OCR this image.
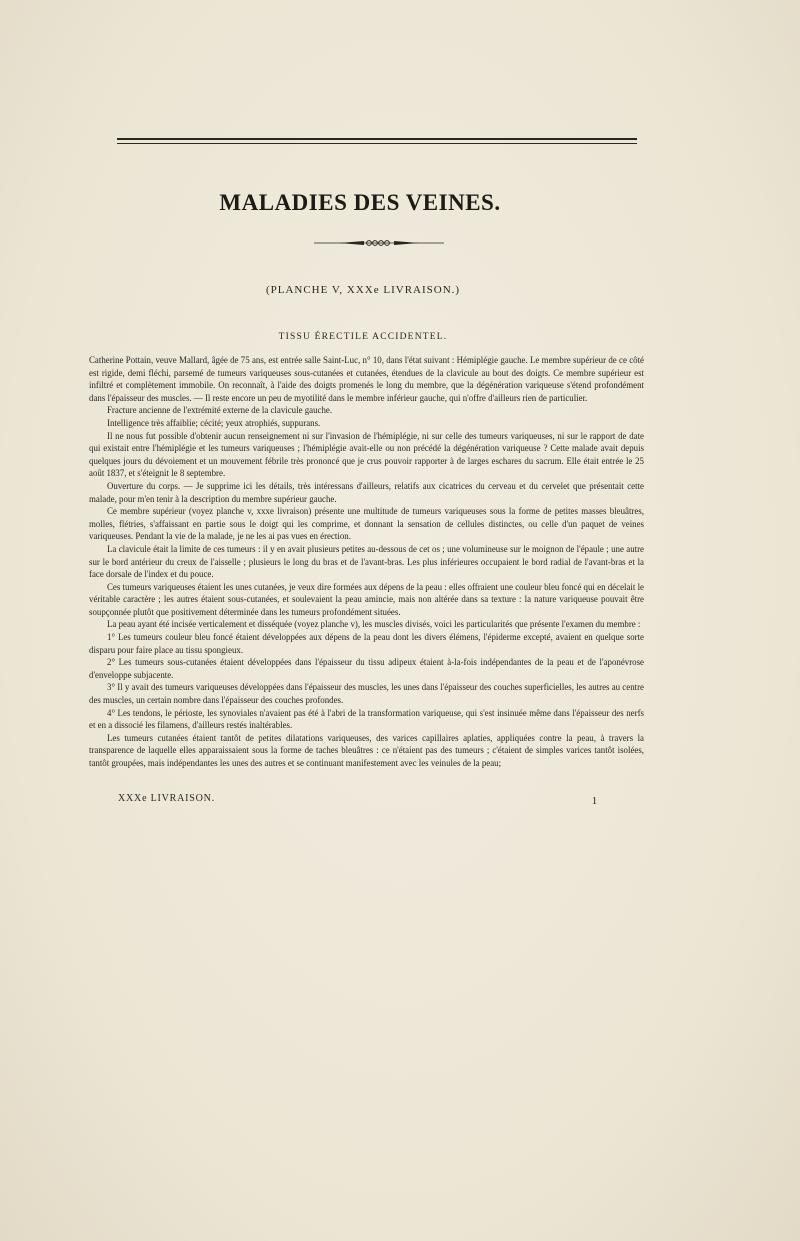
MALADIES DES VEINES.
(PLANCHE V, XXXe LIVRAISON.)
TISSU ÉRECTILE ACCIDENTEL.

Catherine Pottain, veuve Mallard, âgée de 75 ans, est entrée salle Saint-Luc, n° 10, dans l'état suivant : Hémiplégie gauche. Le membre supérieur de ce côté est rigide, demi fléchi, parsemé de tumeurs variqueuses sous-cutanées et cutanées, étendues de la clavicule au bout des doigts. Ce membre supérieur est infiltré et complètement immobile. On reconnaît, à l'aide des doigts promenés le long du membre, que la dégénération variqueuse s'étend profondément dans l'épaisseur des muscles. — Il reste encore un peu de myotilité dans le membre inférieur gauche, qui n'offre d'ailleurs rien de particulier.

Fracture ancienne de l'extrémité externe de la clavicule gauche.

Intelligence très affaiblie; cécité; yeux atrophiés, suppurans.

Il ne nous fut possible d'obtenir aucun renseignement ni sur l'invasion de l'hémiplégie, ni sur celle des tumeurs variqueuses, ni sur le rapport de date qui existait entre l'hémiplégie et les tumeurs variqueuses ; l'hémiplégie avait-elle ou non précédé la dégénération variqueuse ? Cette malade avait depuis quelques jours du dévoiement et un mouvement fébrile très prononcé que je crus pouvoir rapporter à de larges eschares du sacrum. Elle était entrée le 25 août 1837, et s'éteignit le 8 septembre.

Ouverture du corps. — Je supprime ici les détails, très intéressans d'ailleurs, relatifs aux cicatrices du cerveau et du cervelet que présentait cette malade, pour m'en tenir à la description du membre supérieur gauche.

Ce membre supérieur (voyez planche v, xxxe livraison) présente une multitude de tumeurs variqueuses sous la forme de petites masses bleuâtres, molles, flétries, s'affaissant en partie sous le doigt qui les comprime, et donnant la sensation de cellules distinctes, ou celle d'un paquet de veines variqueuses. Pendant la vie de la malade, je ne les ai pas vues en érection.

La clavicule était la limite de ces tumeurs : il y en avait plusieurs petites au-dessous de cet os ; une volumineuse sur le moignon de l'épaule ; une autre sur le bord antérieur du creux de l'aisselle ; plusieurs le long du bras et de l'avant-bras. Les plus inférieures occupaient le bord radial de l'avant-bras et la face dorsale de l'index et du pouce.

Ces tumeurs variqueuses étaient les unes cutanées, je veux dire formées aux dépens de la peau : elles offraient une couleur bleu foncé qui en décelait le véritable caractère ; les autres étaient sous-cutanées, et soulevaient la peau amincie, mais non altérée dans sa texture : la nature variqueuse pouvait être soupçonnée plutôt que positivement déterminée dans les tumeurs profondément situées.

La peau ayant été incisée verticalement et disséquée (voyez planche v), les muscles divisés, voici les particularités que présente l'examen du membre :

1° Les tumeurs couleur bleu foncé étaient développées aux dépens de la peau dont les divers élémens, l'épiderme excepté, avaient en quelque sorte disparu pour faire place au tissu spongieux.

2° Les tumeurs sous-cutanées étaient développées dans l'épaisseur du tissu adipeux étaient à-la-fois indépendantes de la peau et de l'aponévrose d'enveloppe subjacente.

3° Il y avait des tumeurs variqueuses développées dans l'épaisseur des muscles, les unes dans l'épaisseur des couches superficielles, les autres au centre des muscles, un certain nombre dans l'épaisseur des couches profondes.

4° Les tendons, le périoste, les synoviales n'avaient pas été à l'abri de la transformation variqueuse, qui s'est insinuée même dans l'épaisseur des nerfs et en a dissocié les filamens, d'ailleurs restés inaltérables.

Les tumeurs cutanées étaient tantôt de petites dilatations variqueuses, des varices capillaires aplaties, appliquées contre la peau, à travers la transparence de laquelle elles apparaissaient sous la forme de taches bleuâtres : ce n'étaient pas des tumeurs ; c'étaient de simples varices tantôt isolées, tantôt groupées, mais indépendantes les unes des autres et se continuant manifestement avec les veinules de la peau;

XXXe LIVRAISON.	1
